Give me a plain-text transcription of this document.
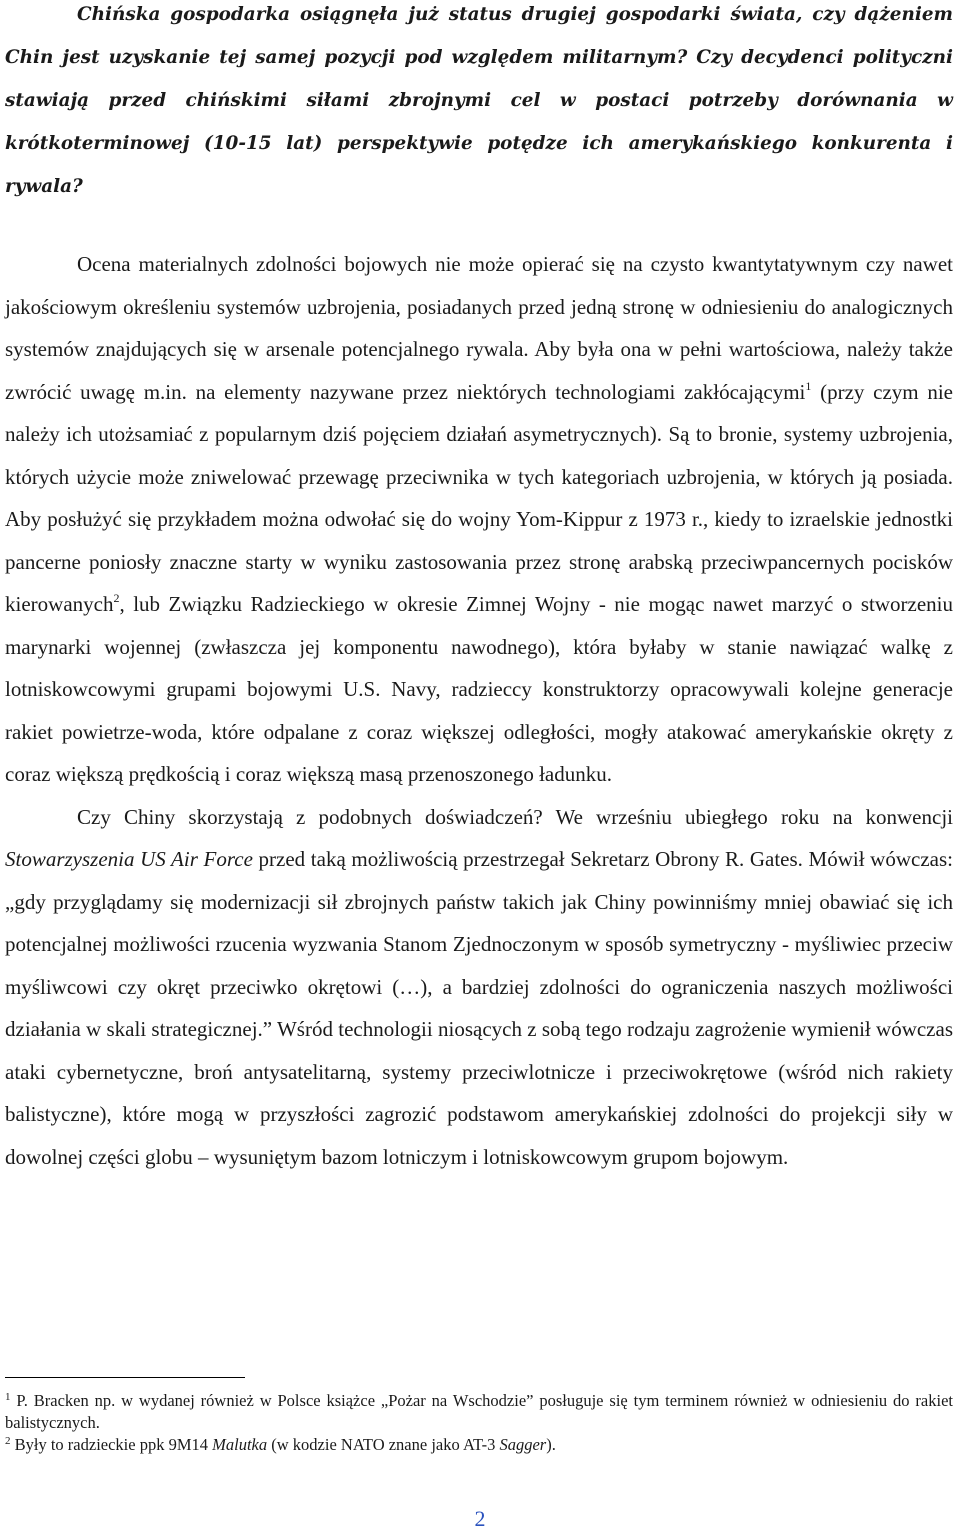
Chińska gospodarka osiągnęła już status drugiej gospodarki świata, czy dążeniem Chin jest uzyskanie tej samej pozycji pod względem militarnym? Czy decydenci polityczni stawiają przed chińskimi siłami zbrojnymi cel w postaci potrzeby dorównania w krótkoterminowej (10-15 lat) perspektywie potędze ich amerykańskiego konkurenta i rywala?

Ocena materialnych zdolności bojowych nie może opierać się na czysto kwantytatywnym czy nawet jakościowym określeniu systemów uzbrojenia, posiadanych przed jedną stronę w odniesieniu do analogicznych systemów znajdujących się w arsenale potencjalnego rywala. Aby była ona w pełni wartościowa, należy także zwrócić uwagę m.in. na elementy nazywane przez niektórych technologiami zakłócającymi$^1$ (przy czym nie należy ich utożsamiać z popularnym dziś pojęciem działań asymetrycznych). Są to bronie, systemy uzbrojenia, których użycie może zniwelować przewagę przeciwnika w tych kategoriach uzbrojenia, w których ją posiada. Aby posłużyć się przykładem można odwołać się do wojny Yom-Kippur z 1973 r., kiedy to izraelskie jednostki pancerne poniosły znaczne starty w wyniku zastosowania przez stronę arabską przeciwpancernych pocisków kierowanych$^2$, lub Związku Radzieckiego w okresie Zimnej Wojny - nie mogąc nawet marzyć o stworzeniu marynarki wojennej (zwłaszcza jej komponentu nawodnego), która byłaby w stanie nawiązać walkę z lotniskowcowymi grupami bojowymi U.S. Navy, radzieccy konstruktorzy opracowywali kolejne generacje rakiet powietrze-woda, które odpalane z coraz większej odległości, mogły atakować amerykańskie okręty z coraz większą prędkością i coraz większą masą przenoszonego ładunku.

Czy Chiny skorzystają z podobnych doświadczeń? We wrześniu ubiegłego roku na konwencji Stowarzyszenia US Air Force przed taką możliwością przestrzegał Sekretarz Obrony R. Gates. Mówił wówczas: „gdy przyglądamy się modernizacji sił zbrojnych państw takich jak Chiny powinniśmy mniej obawiać się ich potencjalnej możliwości rzucenia wyzwania Stanom Zjednoczonym w sposób symetryczny - myśliwiec przeciw myśliwcowi czy okręt przeciwko okrętowi (…), a bardziej zdolności do ograniczenia naszych możliwości działania w skali strategicznej.” Wśród technologii niosących z sobą tego rodzaju zagrożenie wymienił wówczas ataki cybernetyczne, broń antysatelitarną, systemy przeciwlotnicze i przeciwokrętowe (wśród nich rakiety balistyczne), które mogą w przyszłości zagrozić podstawom amerykańskiej zdolności do projekcji siły w dowolnej części globu – wysuniętym bazom lotniczym i lotniskowcowym grupom bojowym.

$^1$ P. Bracken np. w wydanej również w Polsce książce „Pożar na Wschodzie” posługuje się tym terminem również w odniesieniu do rakiet balistycznych.

$^2$ Były to radzieckie ppk 9M14 Malutka (w kodzie NATO znane jako AT-3 Sagger).

2
